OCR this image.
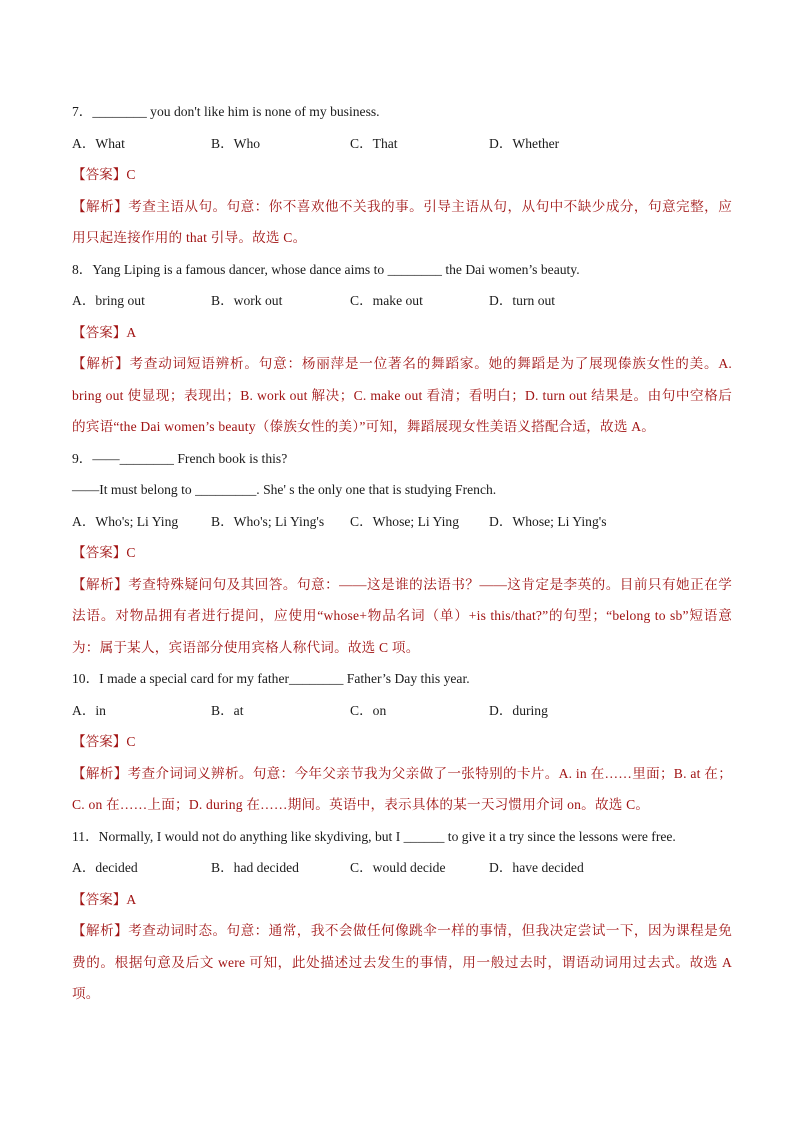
7．________ you don't like him is none of my business.
A．What	B．Who	C．That	D．Whether
【答案】C
【解析】考查主语从句。句意：你不喜欢他不关我的事。引导主语从句，从句中不缺少成分，句意完整，应用只起连接作用的 that 引导。故选 C。
8．Yang Liping is a famous dancer, whose dance aims to ________ the Dai women’s beauty.
A．bring out	B．work out	C．make out	D．turn out
【答案】A
【解析】考查动词短语辨析。句意：杨丽萍是一位著名的舞蹈家。她的舞蹈是为了展现傣族女性的美。A. bring out 使显现；表现出；B. work out 解决；C. make out 看清；看明白；D. turn out 结果是。由句中空格后的宾语“the Dai women’s beauty（傣族女性的美）”可知，舞蹈展现女性美语义搭配合适，故选 A。
9．——________ French book is this?
——It must belong to _________. She' s the only one that is studying French.
A．Who's; Li Ying	B．Who's; Li Ying's	C．Whose; Li Ying	D．Whose; Li Ying's
【答案】C
【解析】考查特殊疑问句及其回答。句意：——这是谁的法语书？——这肯定是李英的。目前只有她正在学法语。对物品拥有者进行提问，应使用“whose+物品名词（单）+is this/that?”的句型；“belong to sb”短语意为：属于某人，宾语部分使用宾格人称代词。故选 C 项。
10．I made a special card for my father________ Father’s Day this year.
A．in	B．at	C．on	D．during
【答案】C
【解析】考查介词词义辨析。句意：今年父亲节我为父亲做了一张特别的卡片。A. in 在……里面；B. at 在；C. on 在……上面；D. during 在……期间。英语中，表示具体的某一天习惯用介词 on。故选 C。
11．Normally, I would not do anything like skydiving, but I ______ to give it a try since the lessons were free.
A．decided	B．had decided	C．would decide	D．have decided
【答案】A
【解析】考查动词时态。句意：通常，我不会做任何像跳伞一样的事情，但我决定尝试一下，因为课程是免费的。根据句意及后文 were 可知，此处描述过去发生的事情，用一般过去时，谓语动词用过去式。故选 A 项。
